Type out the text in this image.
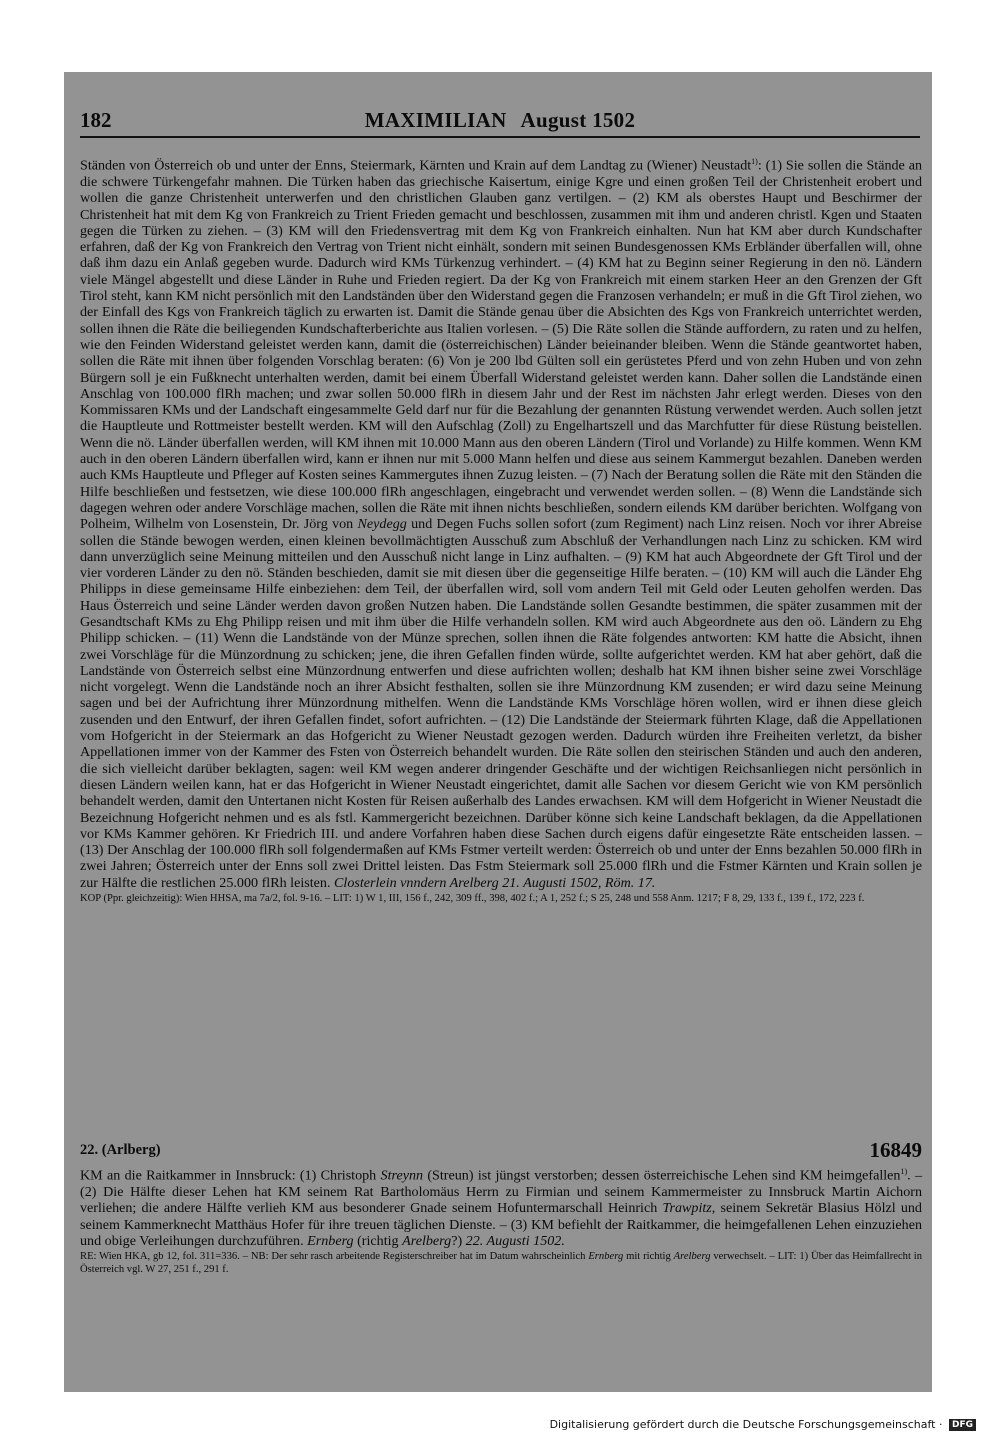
182	MAXIMILIAN August 1502

Ständen von Österreich ob und unter der Enns, Steiermark, Kärnten und Krain auf dem Landtag zu (Wiener) Neustadt$^{1)}$: (1) Sie sollen die Stände an die schwere Türkengefahr mahnen. Die Türken haben das griechische Kaisertum, einige Kgre und einen großen Teil der Christenheit erobert und wollen die ganze Christenheit unterwerfen und den christlichen Glauben ganz vertilgen. – (2) KM als oberstes Haupt und Beschirmer der Christenheit hat mit dem Kg von Frankreich zu Trient Frieden gemacht und beschlossen, zusammen mit ihm und anderen christl. Kgen und Staaten gegen die Türken zu ziehen. – (3) KM will den Friedensvertrag mit dem Kg von Frankreich einhalten. Nun hat KM aber durch Kundschafter erfahren, daß der Kg von Frankreich den Vertrag von Trient nicht einhält, sondern mit seinen Bundesgenossen KMs Erbländer überfallen will, ohne daß ihm dazu ein Anlaß gegeben wurde. Dadurch wird KMs Türkenzug verhindert. – (4) KM hat zu Beginn seiner Regierung in den nö. Ländern viele Mängel abgestellt und diese Länder in Ruhe und Frieden regiert. Da der Kg von Frankreich mit einem starken Heer an den Grenzen der Gft Tirol steht, kann KM nicht persönlich mit den Landständen über den Widerstand gegen die Franzosen verhandeln; er muß in die Gft Tirol ziehen, wo der Einfall des Kgs von Frankreich täglich zu erwarten ist. Damit die Stände genau über die Absichten des Kgs von Frankreich unterrichtet werden, sollen ihnen die Räte die beiliegenden Kundschafterberichte aus Italien vorlesen. – (5) Die Räte sollen die Stände auffordern, zu raten und zu helfen, wie den Feinden Widerstand geleistet werden kann, damit die (österreichischen) Länder beieinander bleiben. Wenn die Stände geantwortet haben, sollen die Räte mit ihnen über folgenden Vorschlag beraten: (6) Von je 200 lbd Gülten soll ein gerüstetes Pferd und von zehn Huben und von zehn Bürgern soll je ein Fußknecht unterhalten werden, damit bei einem Überfall Widerstand geleistet werden kann. Daher sollen die Landstände einen Anschlag von 100.000 flRh machen; und zwar sollen 50.000 flRh in diesem Jahr und der Rest im nächsten Jahr erlegt werden. Dieses von den Kommissaren KMs und der Landschaft eingesammelte Geld darf nur für die Bezahlung der genannten Rüstung verwendet werden. Auch sollen jetzt die Hauptleute und Rottmeister bestellt werden. KM will den Aufschlag (Zoll) zu Engelhartszell und das Marchfutter für diese Rüstung beistellen. Wenn die nö. Länder überfallen werden, will KM ihnen mit 10.000 Mann aus den oberen Ländern (Tirol und Vorlande) zu Hilfe kommen. Wenn KM auch in den oberen Ländern überfallen wird, kann er ihnen nur mit 5.000 Mann helfen und diese aus seinem Kammergut bezahlen. Daneben werden auch KMs Hauptleute und Pfleger auf Kosten seines Kammergutes ihnen Zuzug leisten. – (7) Nach der Beratung sollen die Räte mit den Ständen die Hilfe beschließen und festsetzen, wie diese 100.000 flRh angeschlagen, eingebracht und verwendet werden sollen. – (8) Wenn die Landstände sich dagegen wehren oder andere Vorschläge machen, sollen die Räte mit ihnen nichts beschließen, sondern eilends KM darüber berichten. Wolfgang von Polheim, Wilhelm von Losenstein, Dr. Jörg von Neydegg und Degen Fuchs sollen sofort (zum Regiment) nach Linz reisen. Noch vor ihrer Abreise sollen die Stände bewogen werden, einen kleinen bevollmächtigten Ausschuß zum Abschluß der Verhandlungen nach Linz zu schicken. KM wird dann unverzüglich seine Meinung mitteilen und den Ausschuß nicht lange in Linz aufhalten. – (9) KM hat auch Abgeordnete der Gft Tirol und der vier vorderen Länder zu den nö. Ständen beschieden, damit sie mit diesen über die gegenseitige Hilfe beraten. – (10) KM will auch die Länder Ehg Philipps in diese gemeinsame Hilfe einbeziehen: dem Teil, der überfallen wird, soll vom andern Teil mit Geld oder Leuten geholfen werden. Das Haus Österreich und seine Länder werden davon großen Nutzen haben. Die Landstände sollen Gesandte bestimmen, die später zusammen mit der Gesandtschaft KMs zu Ehg Philipp reisen und mit ihm über die Hilfe verhandeln sollen. KM wird auch Abgeordnete aus den oö. Ländern zu Ehg Philipp schicken. – (11) Wenn die Landstände von der Münze sprechen, sollen ihnen die Räte folgendes antworten: KM hatte die Absicht, ihnen zwei Vorschläge für die Münzordnung zu schicken; jene, die ihren Gefallen finden würde, sollte aufgerichtet werden. KM hat aber gehört, daß die Landstände von Österreich selbst eine Münzordnung entwerfen und diese aufrichten wollen; deshalb hat KM ihnen bisher seine zwei Vorschläge nicht vorgelegt. Wenn die Landstände noch an ihrer Absicht festhalten, sollen sie ihre Münzordnung KM zusenden; er wird dazu seine Meinung sagen und bei der Aufrichtung ihrer Münzordnung mithelfen. Wenn die Landstände KMs Vorschläge hören wollen, wird er ihnen diese gleich zusenden und den Entwurf, der ihren Gefallen findet, sofort aufrichten. – (12) Die Landstände der Steiermark führten Klage, daß die Appellationen vom Hofgericht in der Steiermark an das Hofgericht zu Wiener Neustadt gezogen werden. Dadurch würden ihre Freiheiten verletzt, da bisher Appellationen immer von der Kammer des Fsten von Österreich behandelt wurden. Die Räte sollen den steirischen Ständen und auch den anderen, die sich vielleicht darüber beklagten, sagen: weil KM wegen anderer dringender Geschäfte und der wichtigen Reichsanliegen nicht persönlich in diesen Ländern weilen kann, hat er das Hofgericht in Wiener Neustadt eingerichtet, damit alle Sachen vor diesem Gericht wie von KM persönlich behandelt werden, damit den Untertanen nicht Kosten für Reisen außerhalb des Landes erwachsen. KM will dem Hofgericht in Wiener Neustadt die Bezeichnung Hofgericht nehmen und es als fstl. Kammergericht bezeichnen. Darüber könne sich keine Landschaft beklagen, da die Appellationen vor KMs Kammer gehören. Kr Friedrich III. und andere Vorfahren haben diese Sachen durch eigens dafür eingesetzte Räte entscheiden lassen. – (13) Der Anschlag der 100.000 flRh soll folgendermaßen auf KMs Fstmer verteilt werden: Österreich ob und unter der Enns bezahlen 50.000 flRh in zwei Jahren; Österreich unter der Enns soll zwei Drittel leisten. Das Fstm Steiermark soll 25.000 flRh und die Fstmer Kärnten und Krain sollen je zur Hälfte die restlichen 25.000 flRh leisten. Closterlein vnndern Arelberg 21. Augusti 1502, Röm. 17.

KOP (Ppr. gleichzeitig): Wien HHSA, ma 7a/2, fol. 9-16. – LIT: 1) W 1, III, 156 f., 242, 309 ff., 398, 402 f.; A 1, 252 f.; S 25, 248 und 558 Anm. 1217; F 8, 29, 133 f., 139 f., 172, 223 f.

22. (Arlberg)	16849

KM an die Raitkammer in Innsbruck: (1) Christoph Streynn (Streun) ist jüngst verstorben; dessen österreichische Lehen sind KM heimgefallen$^{1)}$. – (2) Die Hälfte dieser Lehen hat KM seinem Rat Bartholomäus Herrn zu Firmian und seinem Kammermeister zu Innsbruck Martin Aichorn verliehen; die andere Hälfte verlieh KM aus besonderer Gnade seinem Hofuntermarschall Heinrich Trawpitz, seinem Sekretär Blasius Hölzl und seinem Kammerknecht Matthäus Hofer für ihre treuen täglichen Dienste. – (3) KM befiehlt der Raitkammer, die heimgefallenen Lehen einzuziehen und obige Verleihungen durchzuführen. Ernberg (richtig Arelberg?) 22. Augusti 1502.

RE: Wien HKA, gb 12, fol. 311=336. – NB: Der sehr rasch arbeitende Registerschreiber hat im Datum wahrscheinlich Ernberg mit richtig Arelberg verwechselt. – LIT: 1) Über das Heimfallrecht in Österreich vgl. W 27, 251 f., 291 f.

Digitalisierung gefördert durch die Deutsche Forschungsgemeinschaft · DFG
